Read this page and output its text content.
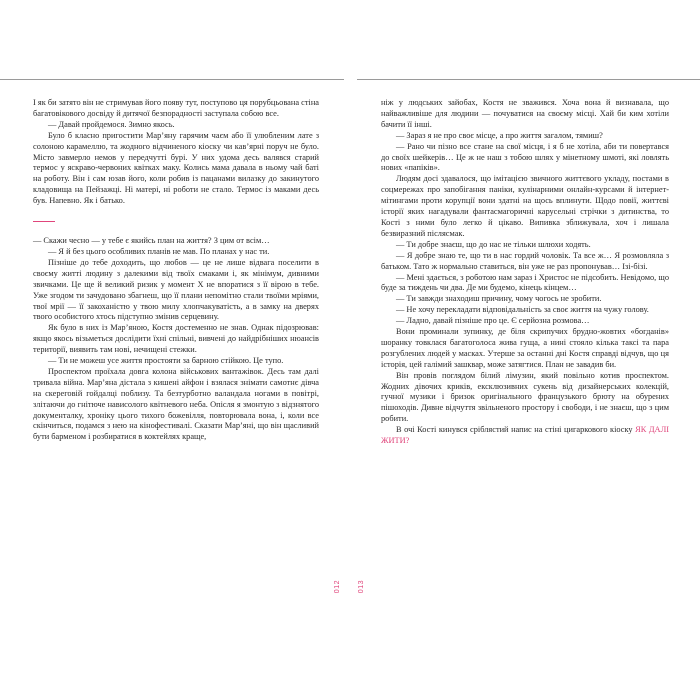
І як би затято він не стримував його появу тут, поступово ця порубцьована стіна багатовікового досвіду й дитячої безпорадності заступала собою все.

— Давай пройдемося. Зимно якось.

Було б класно пригостити Мар’яну гарячим чаєм або її улюбленим лате з солоною карамеллю, та жодного відчиненого кіоску чи кав’ярні поруч не було. Місто завмерло немов у передчутті бурі. У них удома десь валявся старий термос у яскраво-червоних квітках маку. Колись мама давала в ньому чай баті на роботу. Він і сам юзав його, коли робив із пацанами вилазку до закинутого кладовища на Пейзажці. Ні матері, ні роботи не стало. Термос із маками десь був. Напевно. Як і батько.

— Скажи чесно — у тебе є якийсь план на життя? З цим от всім…

— Я й без цього особливих планів не мав. По планах у нас ти.

Пізніше до тебе доходить, що любов — це не лише відвага поселити в своєму житті людину з далекими від твоїх смаками і, як мінімум, дивними звичками. Це ще й великий ризик у момент Х не впоратися з її вірою в тебе. Уже згодом ти зачудовано збагнеш, що її плани непомітно стали твоїми мріями, твої мрії — її закоханістю у твою милу хлопчакуватість, а в замку на дверях твого особистого хтось підступно змінив серцевину.

Як було в них із Мар’яною, Костя достеменно не знав. Однак підозрював: якщо якось візьметься дослідити їхні спільні, вивчені до найдрібніших нюансів території, виявить там нові, нечищені стежки.

— Ти не можеш усе життя простояти за барною стійкою. Це тупо.

Проспектом проїхала довга колона військових вантажівок. Десь там далі тривала війна. Мар’яна дістала з кишені айфон і взялася знімати самотнє дівча на скереговій гойдалці поблизу. Та безтурботно валандала ногами в повітрі, злітаючи до гнітюче нависолого квітневого неба. Опісля я змонтую з відзнятого документалку, хроніку цього тихого божевілля, повторювала вона, і, коли все скінчиться, подамся з нею на кінофестивалі. Сказати Мар’яні, що він щасливий бути барменом і розбиратися в коктейлях краще,

012 013

ніж у людських зайобах, Костя не зважився. Хоча вона й визнавала, що найважливіше для людини — почуватися на своєму місці. Хай би ким хотіли бачити її інші.

— Зараз я не про своє місце, а про життя загалом, тямиш?

— Рано чи пізно все стане на свої місця, і я б не хотіла, аби ти повертався до своїх шейкерів… Це ж не наш з тобою шлях у мінетному шмоті, які ловлять нових «папіків».

Людям досі здавалося, що імітацією звичного життєвого укладу, постами в соцмережах про запобігання паніки, кулінарними онлайн-курсами й інтернет-мітингами проти корупції вони здатні на щось вплинути. Щодо повії, життєві історії яких нагадували фантасмагоричні карусельні стрічки з дитинства, то Кості з ними було легко й цікаво. Випивка зближувала, хоч і лишала безвиразний післясмак.

— Ти добре знаєш, що до нас не тільки шлюхи ходять.

— Я добре знаю те, що ти в нас гордий чоловік. Та все ж… Я розмовляла з батьком. Тато ж нормально ставиться, він уже не раз пропонував… Ізі-бізі.

— Мені здається, з роботою нам зараз і Христос не підсобить. Невідомо, що буде за тиждень чи два. Де ми будемо, кінець кінцем…

— Ти завжди знаходиш причину, чому чогось не зробити.

— Не хочу перекладати відповідальність за своє життя на чужу голову.

— Ладно, давай пізніше про це. Є серйозна розмова…

Вони проминали зупинку, де біля скрипучих брудно-жовтих «богданів» шоранку товклася багатоголоса жива гуща, а нині стояло кілька таксі та пара розгублених людей у масках. Утерше за останні дні Костя справді відчув, що ця історія, цей галімий зашквар, може затягтися. План не завадив би.

Він провів поглядом білий лімузин, який повільно котив проспектом. Жодних дівочих криків, ексклюзивних сукень від дизайнерських колекцій, гучної музики і бризок оригінального французького брюту на обурених пішоходів. Дивне відчуття звільненого простору і свободи, і не знаєш, що з цим робити.

В очі Кості кинувся сріблястий напис на стіні цигаркового кіоску ЯК ДАЛІ ЖИТИ?
